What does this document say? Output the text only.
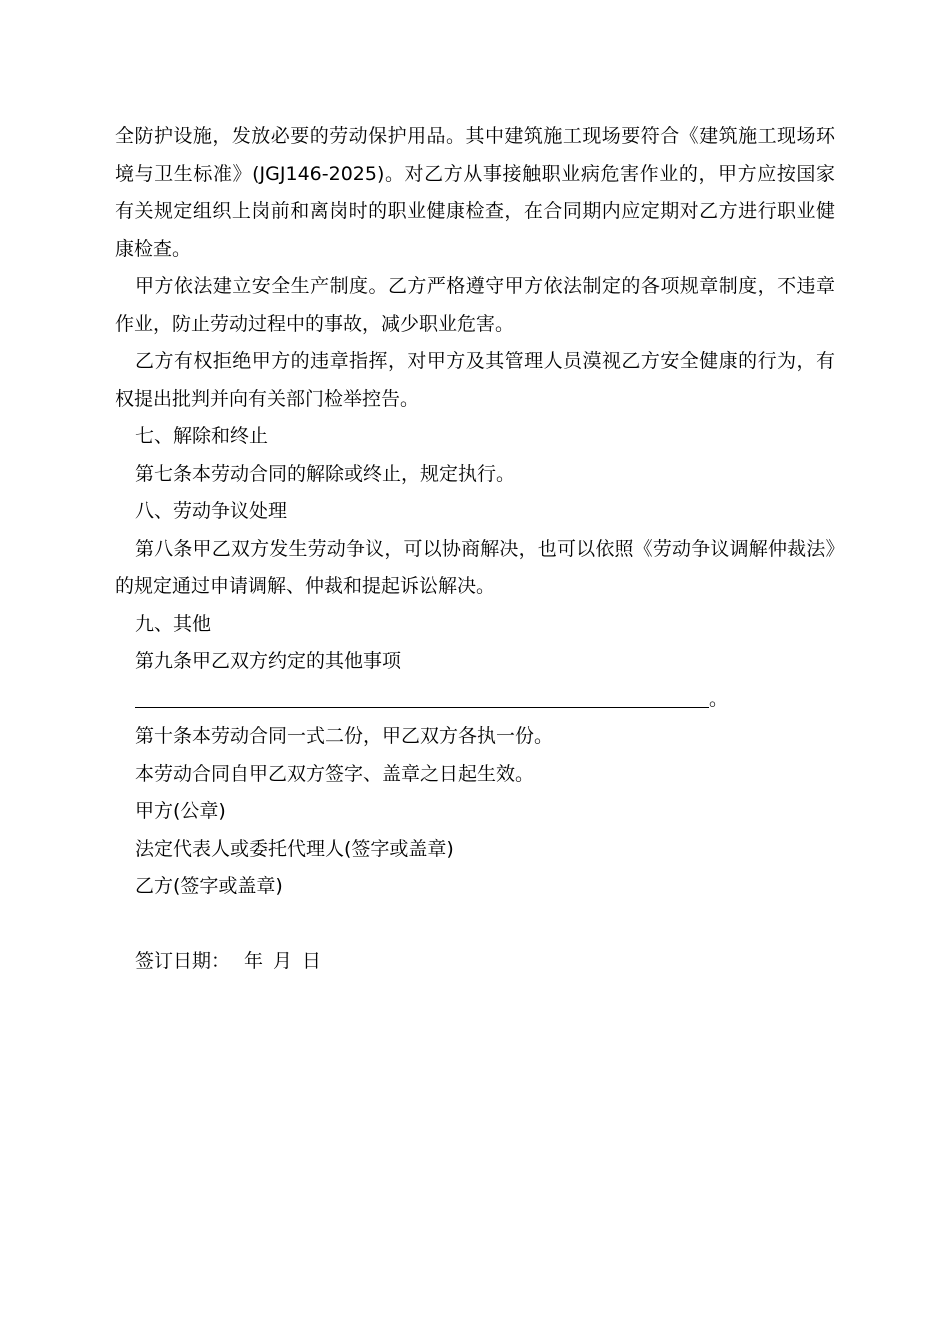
全防护设施，发放必要的劳动保护用品。其中建筑施工现场要符合《建筑施工现场环境与卫生标准》(JGJ146-2025)。对乙方从事接触职业病危害作业的，甲方应按国家有关规定组织上岗前和离岗时的职业健康检查，在合同期内应定期对乙方进行职业健康检查。

甲方依法建立安全生产制度。乙方严格遵守甲方依法制定的各项规章制度，不违章作业，防止劳动过程中的事故，减少职业危害。

乙方有权拒绝甲方的违章指挥，对甲方及其管理人员漠视乙方安全健康的行为，有权提出批判并向有关部门检举控告。

七、解除和终止

第七条本劳动合同的解除或终止，规定执行。

八、劳动争议处理

第八条甲乙双方发生劳动争议，可以协商解决，也可以依照《劳动争议调解仲裁法》的规定通过申请调解、仲裁和提起诉讼解决。

九、其他

第九条甲乙双方约定的其他事项

。

第十条本劳动合同一式二份，甲乙双方各执一份。

本劳动合同自甲乙双方签字、盖章之日起生效。

甲方(公章)

法定代表人或委托代理人(签字或盖章)

乙方(签字或盖章)

签订日期： 年 月 日
